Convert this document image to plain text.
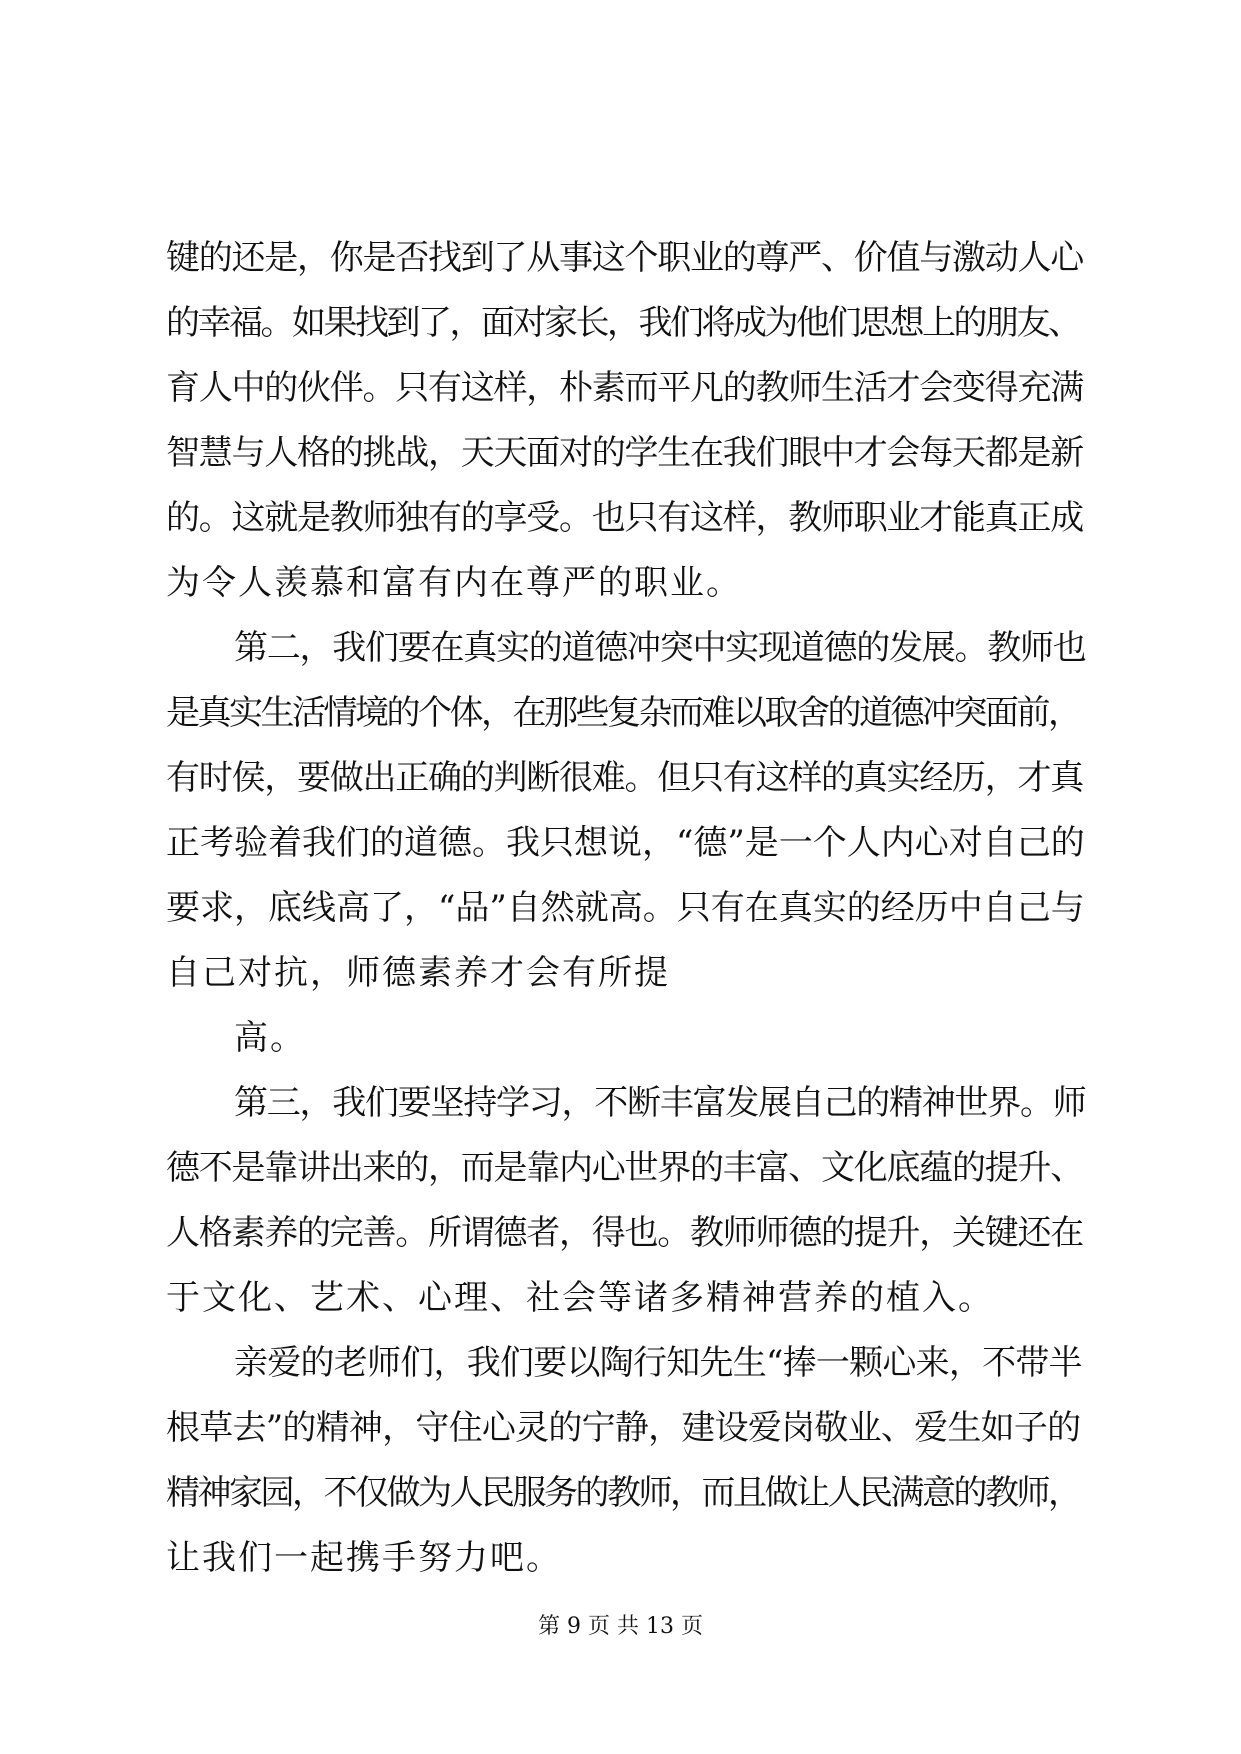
键的还是，你是否找到了从事这个职业的尊严、价值与激动人心
的幸福。如果找到了，面对家长，我们将成为他们思想上的朋友、
育人中的伙伴。只有这样，朴素而平凡的教师生活才会变得充满
智慧与人格的挑战，天天面对的学生在我们眼中才会每天都是新
的。这就是教师独有的享受。也只有这样，教师职业才能真正成
为令人羡慕和富有内在尊严的职业。
第二，我们要在真实的道德冲突中实现道德的发展。教师也
是真实生活情境的个体，在那些复杂而难以取舍的道德冲突面前，
有时侯，要做出正确的判断很难。但只有这样的真实经历，才真
正考验着我们的道德。我只想说，“德”是一个人内心对自己的
要求，底线高了，“品”自然就高。只有在真实的经历中自己与
自己对抗，师德素养才会有所提
高。
第三，我们要坚持学习，不断丰富发展自己的精神世界。师
德不是靠讲出来的，而是靠内心世界的丰富、文化底蕴的提升、
人格素养的完善。所谓德者，得也。教师师德的提升，关键还在
于文化、艺术、心理、社会等诸多精神营养的植入。
亲爱的老师们，我们要以陶行知先生“捧一颗心来，不带半
根草去”的精神，守住心灵的宁静，建设爱岗敬业、爱生如子的
精神家园，不仅做为人民服务的教师，而且做让人民满意的教师，
让我们一起携手努力吧。
第 9 页 共 13 页
